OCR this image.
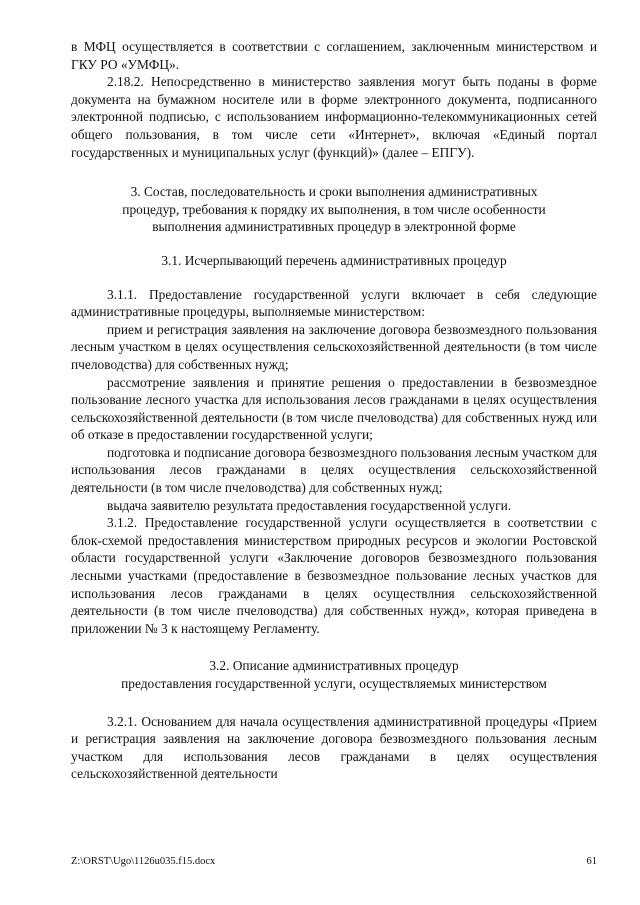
в МФЦ осуществляется в соответствии с соглашением, заключенным министерством и ГКУ РО «УМФЦ».

2.18.2. Непосредственно в министерство заявления могут быть поданы в форме документа на бумажном носителе или в форме электронного документа, подписанного электронной подписью, с использованием информационно-телекоммуникационных сетей общего пользования, в том числе сети «Интернет», включая «Единый портал государственных и муниципальных услуг (функций)» (далее – ЕПГУ).

3. Состав, последовательность и сроки выполнения административных процедур, требования к порядку их выполнения, в том числе особенности выполнения административных процедур в электронной форме

3.1. Исчерпывающий перечень административных процедур

3.1.1. Предоставление государственной услуги включает в себя следующие административные процедуры, выполняемые министерством:

прием и регистрация заявления на заключение договора безвозмездного пользования лесным участком в целях осуществления сельскохозяйственной деятельности (в том числе пчеловодства) для собственных нужд;

рассмотрение заявления и принятие решения о предоставлении в безвозмездное пользование лесного участка для использования лесов гражданами в целях осуществления сельскохозяйственной деятельности (в том числе пчеловодства) для собственных нужд или об отказе в предоставлении государственной услуги;

подготовка и подписание договора безвозмездного пользования лесным участком для использования лесов гражданами в целях осуществления сельскохозяйственной деятельности (в том числе пчеловодства) для собственных нужд;

выдача заявителю результата предоставления государственной услуги.

3.1.2. Предоставление государственной услуги осуществляется в соответствии с блок-схемой предоставления министерством природных ресурсов и экологии Ростовской области государственной услуги «Заключение договоров безвозмездного пользования лесными участками (предоставление в безвозмездное пользование лесных участков для использования лесов гражданами в целях осуществлния сельскохозяйственной деятельности (в том числе пчеловодства) для собственных нужд», которая приведена в приложении № 3 к настоящему Регламенту.

3.2. Описание административных процедур

предоставления государственной услуги, осуществляемых министерством

3.2.1. Основанием для начала осуществления административной процедуры «Прием и регистрация заявления на заключение договора безвозмездного пользования лесным участком для использования лесов гражданами в целях осуществления сельскохозяйственной деятельности

Z:\ORST\Ugo\1126u035.f15.docx	61
